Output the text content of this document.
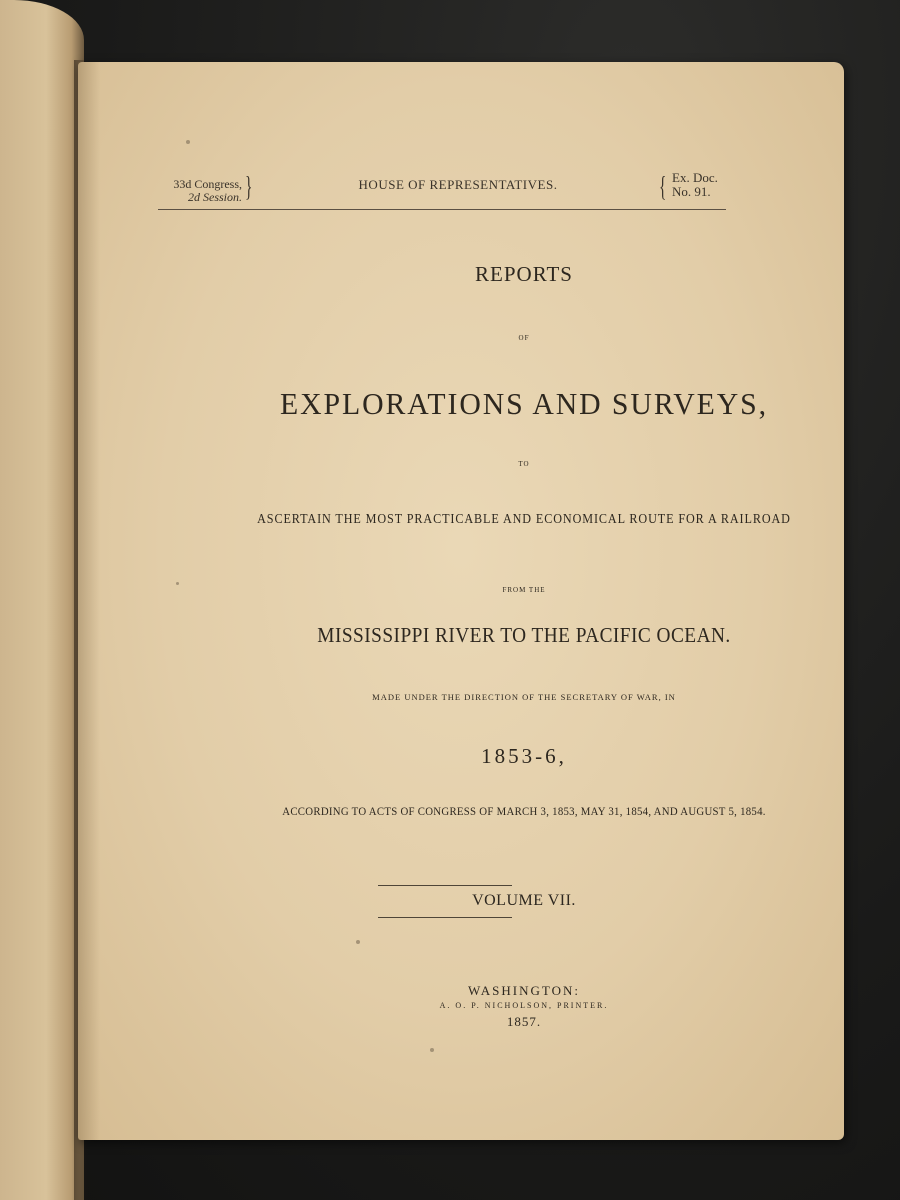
33d Congress,
2d Session. }	HOUSE OF REPRESENTATIVES.	{ Ex. Doc.
No. 91.
REPORTS
OF
EXPLORATIONS AND SURVEYS,
TO
ASCERTAIN THE MOST PRACTICABLE AND ECONOMICAL ROUTE FOR A RAILROAD
FROM THE
MISSISSIPPI RIVER TO THE PACIFIC OCEAN.
MADE UNDER THE DIRECTION OF THE SECRETARY OF WAR, IN
1853-6,
ACCORDING TO ACTS OF CONGRESS OF MARCH 3, 1853, MAY 31, 1854, AND AUGUST 5, 1854.
VOLUME VII.
WASHINGTON:
A. O. P. NICHOLSON, PRINTER.
1857.
